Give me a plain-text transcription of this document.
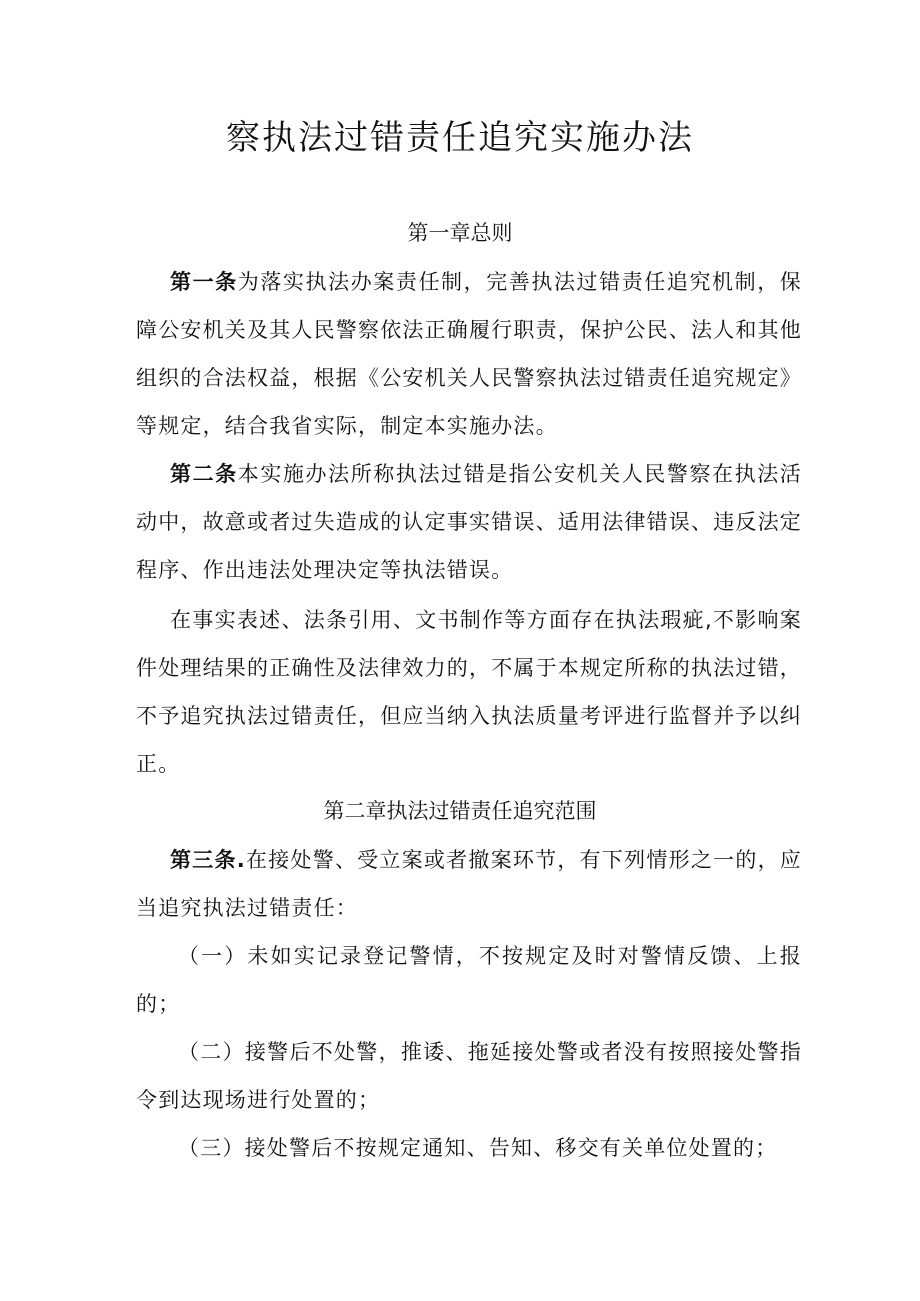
察执法过错责任追究实施办法
第一章总则

第一条为落实执法办案责任制，完善执法过错责任追究机制，保障公安机关及其人民警察依法正确履行职责，保护公民、法人和其他组织的合法权益，根据《公安机关人民警察执法过错责任追究规定》等规定，结合我省实际，制定本实施办法。

第二条本实施办法所称执法过错是指公安机关人民警察在执法活动中，故意或者过失造成的认定事实错误、适用法律错误、违反法定程序、作出违法处理决定等执法错误。

在事实表述、法条引用、文书制作等方面存在执法瑕疵,不影响案件处理结果的正确性及法律效力的，不属于本规定所称的执法过错，不予追究执法过错责任，但应当纳入执法质量考评进行监督并予以纠正。

第二章执法过错责任追究范围

第三条.在接处警、受立案或者撤案环节，有下列情形之一的，应当追究执法过错责任：

（一）未如实记录登记警情，不按规定及时对警情反馈、上报的；

（二）接警后不处警，推诿、拖延接处警或者没有按照接处警指令到达现场进行处置的；

（三）接处警后不按规定通知、告知、移交有关单位处置的；
